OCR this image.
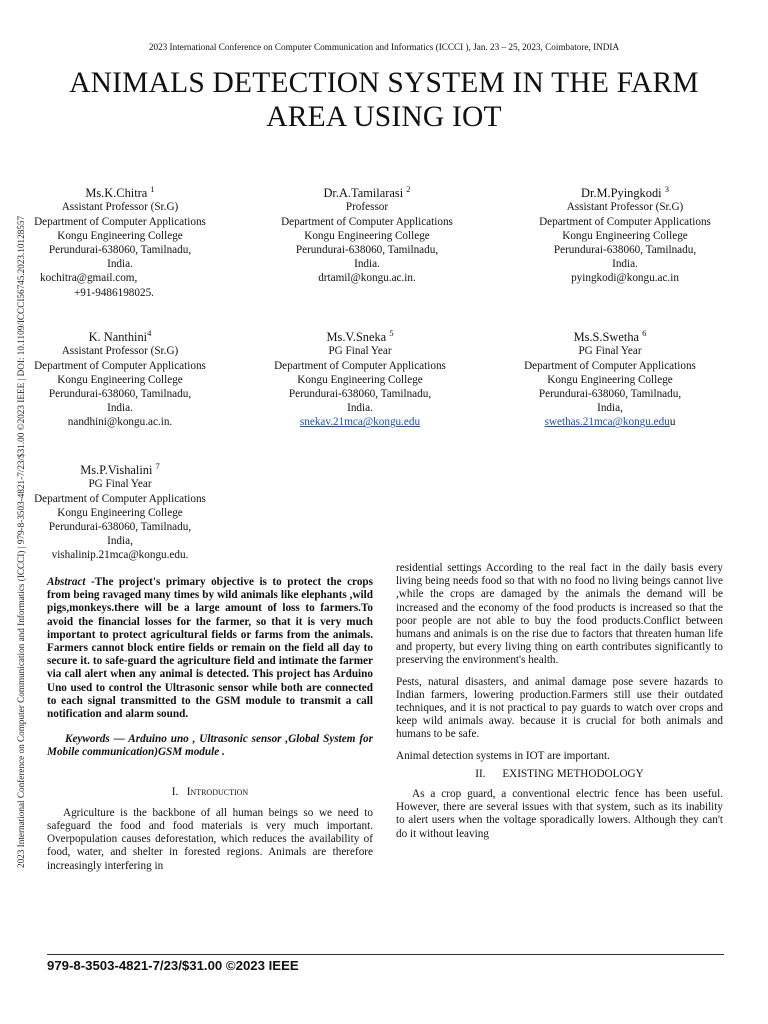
2023 International Conference on Computer Communication and Informatics (ICCCI ), Jan. 23 – 25, 2023, Coimbatore, INDIA
ANIMALS DETECTION SYSTEM IN THE FARM
AREA USING IOT
2023 International Conference on Computer Communication and Informatics (ICCCI) | 979-8-3503-4821-7/23/$31.00 ©2023 IEEE | DOI: 10.1109/ICCCI56745.2023.10128557
Ms.K.Chitra $^1$
Assistant Professor (Sr.G)
Department of Computer Applications
Kongu Engineering College
Perundurai-638060, Tamilnadu,
India.
kochitra@gmail.com,
+91-9486198025.
Dr.A.Tamilarasi $^2$
Professor
Department of Computer Applications
Kongu Engineering College
Perundurai-638060, Tamilnadu,
India.
drtamil@kongu.ac.in.
Dr.M.Pyingkodi $^3$
Assistant Professor (Sr.G)
Department of Computer Applications
Kongu Engineering College
Perundurai-638060, Tamilnadu,
India.
pyingkodi@kongu.ac.in
K. Nanthini$^4$
Assistant Professor (Sr.G)
Department of Computer Applications
Kongu Engineering College
Perundurai-638060, Tamilnadu,
India.
nandhini@kongu.ac.in.
Ms.V.Sneka $^5$
PG Final Year
Department of Computer Applications
Kongu Engineering College
Perundurai-638060, Tamilnadu,
India.
snekav.21mca@kongu.edu
Ms.S.Swetha $^6$
PG Final Year
Department of Computer Applications
Kongu Engineering College
Perundurai-638060, Tamilnadu,
India,
swethas.21mca@kongu.eduu
Ms.P.Vishalini $^7$
PG Final Year
Department of Computer Applications
Kongu Engineering College
Perundurai-638060, Tamilnadu,
India,
vishalinip.21mca@kongu.edu.

Abstract -The project's primary objective is to protect the crops from being ravaged many times by wild animals like elephants ,wild pigs,monkeys.there will be a large amount of loss to farmers.To avoid the financial losses for the farmer, so that it is very much important to protect agricultural fields or farms from the animals. Farmers cannot block entire fields or remain on the field all day to secure it. to safe-guard the agriculture field and intimate the farmer via call alert when any animal is detected. This project has Arduino Uno used to control the Ultrasonic sensor while both are connected to each signal transmitted to the GSM module to transmit a call notification and alarm sound.

Keywords — Arduino uno , Ultrasonic sensor ,Global System for Mobile communication)GSM module .

I. Introduction

Agriculture is the backbone of all human beings so we need to safeguard the food and food materials is very much important. Overpopulation causes deforestation, which reduces the availability of food, water, and shelter in forested regions. Animals are therefore increasingly interfering in

residential settings According to the real fact in the daily basis every living being needs food so that with no food no living beings cannot live ,while the crops are damaged by the animals the demand will be increased and the economy of the food products is increased so that the poor people are not able to buy the food products.Conflict between humans and animals is on the rise due to factors that threaten human life and property, but every living thing on earth contributes significantly to preserving the environment's health.

Pests, natural disasters, and animal damage pose severe hazards to Indian farmers, lowering production.Farmers still use their outdated techniques, and it is not practical to pay guards to watch over crops and keep wild animals away. because it is crucial for both animals and humans to be safe.

Animal detection systems in IOT are important.

II. EXISTING METHODOLOGY

As a crop guard, a conventional electric fence has been useful. However, there are several issues with that system, such as its inability to alert users when the voltage sporadically lowers. Although they can't do it without leaving

979-8-3503-4821-7/23/$31.00 ©2023 IEEE
